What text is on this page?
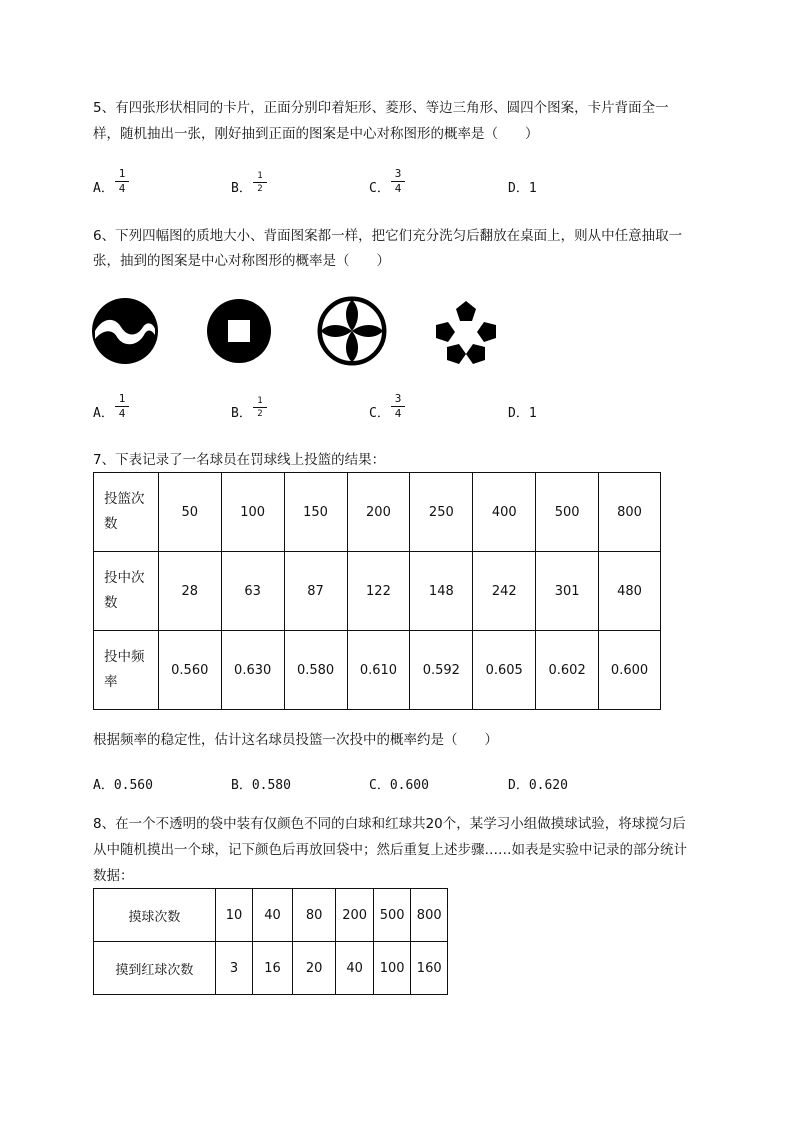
5、有四张形状相同的卡片，正面分别印着矩形、菱形、等边三角形、圆四个图案，卡片背面全一
样，随机抽出一张，刚好抽到正面的图案是中心对称图形的概率是（　　）
A．
1
4	B．
1
2	C．
3
4	D．1
6、下列四幅图的质地大小、背面图案都一样，把它们充分洗匀后翻放在桌面上，则从中任意抽取一
张，抽到的图案是中心对称图形的概率是（　　）
A．
1
4	B．
1
2	C．
3
4	D．1
7、下表记录了一名球员在罚球线上投篮的结果：
投篮次
数	50	100	150	200	250	400	500	800
投中次
数	28	63	87	122	148	242	301	480
投中频
率	0.560	0.630	0.580	0.610	0.592	0.605	0.602	0.600
根据频率的稳定性，估计这名球员投篮一次投中的概率约是（　　）
A．0.560	B．0.580	C．0.600	D．0.620
8、在一个不透明的袋中装有仅颜色不同的白球和红球共20个，某学习小组做摸球试验，将球搅匀后
从中随机摸出一个球，记下颜色后再放回袋中；然后重复上述步骤……如表是实验中记录的部分统计
数据：
摸球次数	10	40	80	200	500	800
摸到红球次数	3	16	20	40	100	160
